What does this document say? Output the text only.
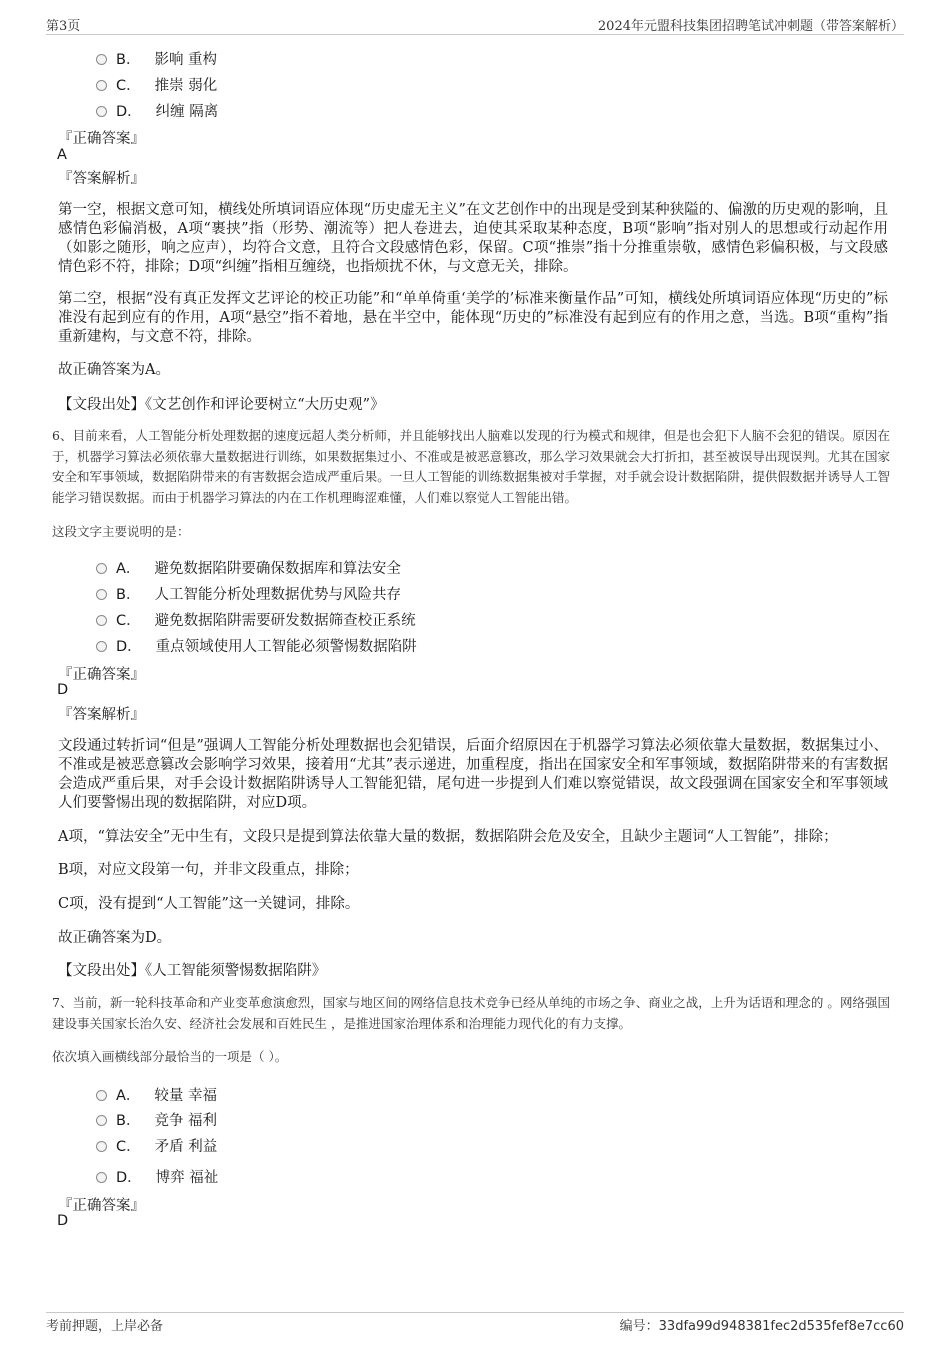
第3页	2024年元盟科技集团招聘笔试冲刺题（带答案解析）
B． 影响 重构
C． 推崇 弱化
D． 纠缠 隔离
『正确答案』
A
『答案解析』
第一空，根据文意可知，横线处所填词语应体现“历史虚无主义”在文艺创作中的出现是受到某种狭隘的、偏激的历史观的影响，且感情色彩偏消极，A项“裹挟”指（形势、潮流等）把人卷进去，迫使其采取某种态度，B项“影响”指对别人的思想或行动起作用（如影之随形，响之应声），均符合文意，且符合文段感情色彩，保留。C项“推崇”指十分推重崇敬，感情色彩偏积极，与文段感情色彩不符，排除；D项“纠缠”指相互缠绕，也指烦扰不休，与文意无关，排除。
第二空，根据“没有真正发挥文艺评论的校正功能”和“单单倚重‘美学的’标准来衡量作品”可知，横线处所填词语应体现“历史的”标准没有起到应有的作用，A项“悬空”指不着地，悬在半空中，能体现“历史的”标准没有起到应有的作用之意，当选。B项“重构”指重新建构，与文意不符，排除。
故正确答案为A。
【文段出处】《文艺创作和评论要树立“大历史观”》
6、目前来看，人工智能分析处理数据的速度远超人类分析师，并且能够找出人脑难以发现的行为模式和规律，但是也会犯下人脑不会犯的错误。原因在于，机器学习算法必须依靠大量数据进行训练，如果数据集过小、不准或是被恶意篡改，那么学习效果就会大打折扣，甚至被误导出现误判。尤其在国家安全和军事领域，数据陷阱带来的有害数据会造成严重后果。一旦人工智能的训练数据集被对手掌握，对手就会设计数据陷阱，提供假数据并诱导人工智能学习错误数据。而由于机器学习算法的内在工作机理晦涩难懂，人们难以察觉人工智能出错。
这段文字主要说明的是：
A． 避免数据陷阱要确保数据库和算法安全
B． 人工智能分析处理数据优势与风险共存
C． 避免数据陷阱需要研发数据筛查校正系统
D． 重点领域使用人工智能必须警惕数据陷阱
『正确答案』
D
『答案解析』
文段通过转折词“但是”强调人工智能分析处理数据也会犯错误，后面介绍原因在于机器学习算法必须依靠大量数据，数据集过小、不准或是被恶意篡改会影响学习效果，接着用“尤其”表示递进，加重程度，指出在国家安全和军事领域，数据陷阱带来的有害数据会造成严重后果，对手会设计数据陷阱诱导人工智能犯错，尾句进一步提到人们难以察觉错误，故文段强调在国家安全和军事领域人们要警惕出现的数据陷阱，对应D项。
A项，“算法安全”无中生有，文段只是提到算法依靠大量的数据，数据陷阱会危及安全，且缺少主题词“人工智能”，排除；
B项，对应文段第一句，并非文段重点，排除；
C项，没有提到“人工智能”这一关键词，排除。
故正确答案为D。
【文段出处】《人工智能须警惕数据陷阱》
7、当前，新一轮科技革命和产业变革愈演愈烈，国家与地区间的网络信息技术竞争已经从单纯的市场之争、商业之战，上升为话语和理念的 。网络强国建设事关国家长治久安、经济社会发展和百姓民生 ，是推进国家治理体系和治理能力现代化的有力支撑。
依次填入画横线部分最恰当的一项是（ ）。
A． 较量 幸福
B． 竞争 福利
C． 矛盾 利益
D． 博弈 福祉
『正确答案』
D
考前押题，上岸必备	编号：33dfa99d948381fec2d535fef8e7cc60
